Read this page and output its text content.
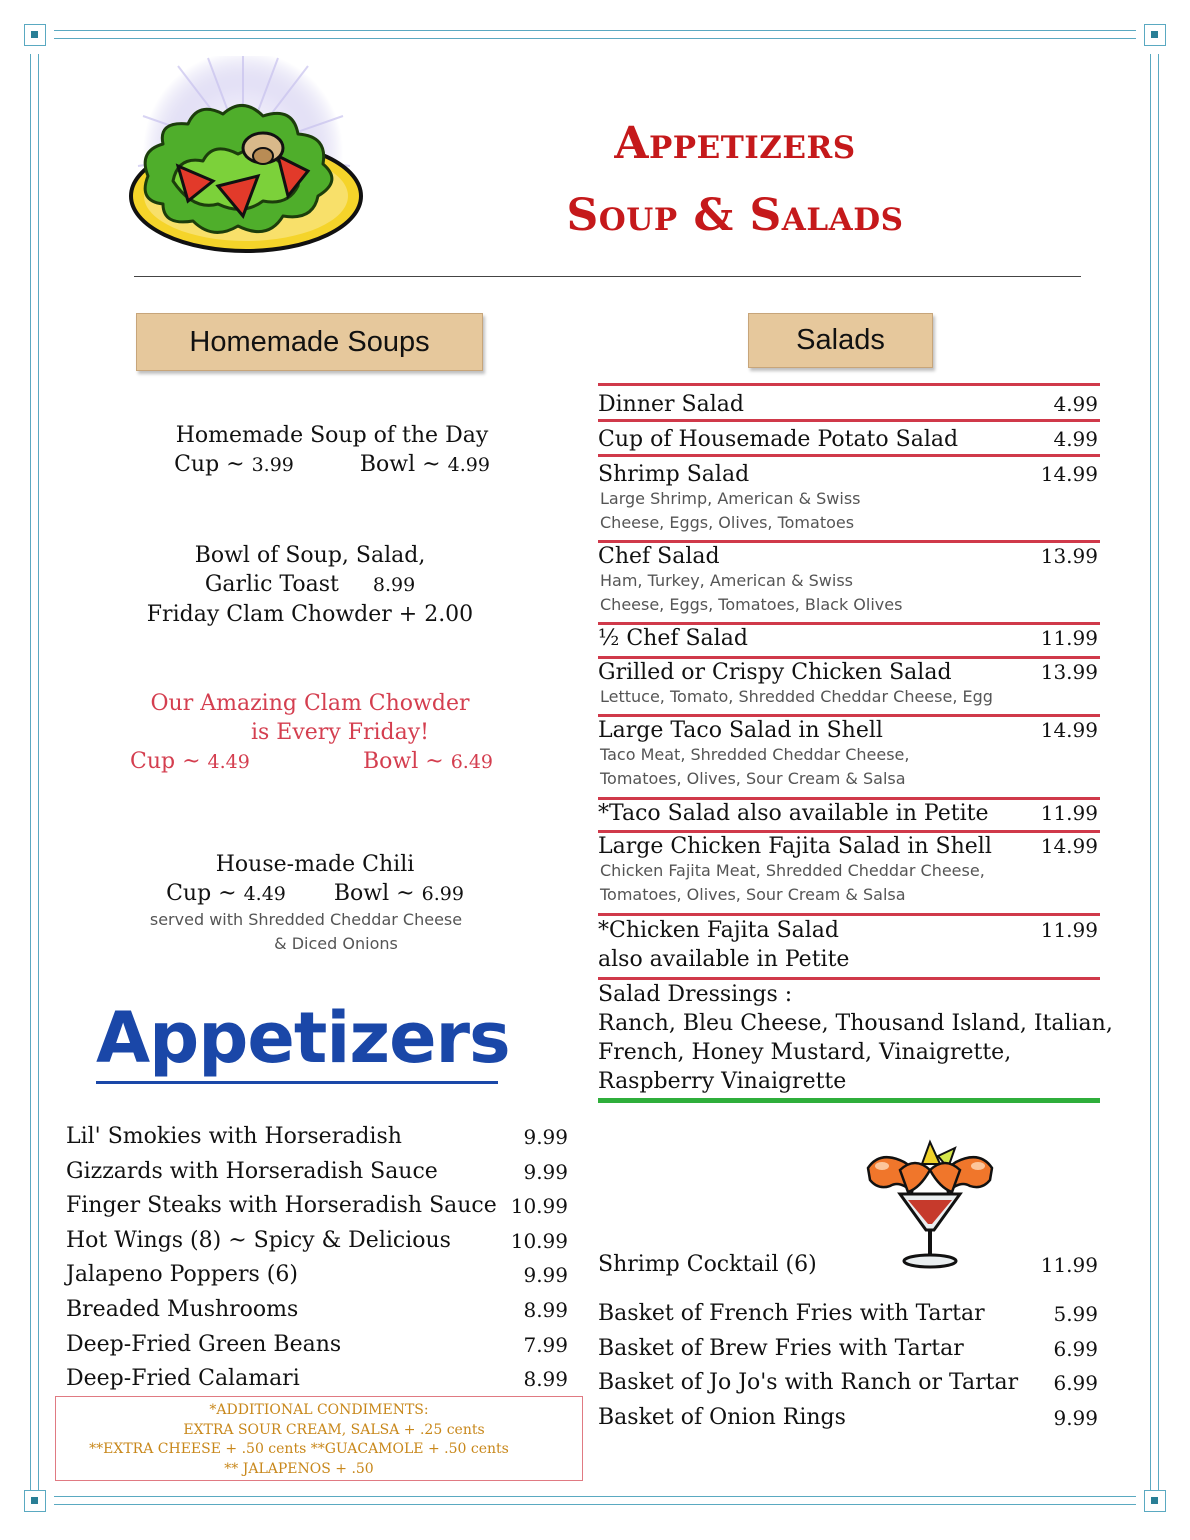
Appetizers
Soup & Salads
Homemade Soups	Salads
Homemade Soup of the Day
Cup ~ 3.99	Bowl ~ 4.99
Bowl of Soup, Salad,
Garlic Toast 8.99
Friday Clam Chowder + 2.00
Our Amazing Clam Chowder
is Every Friday!
Cup ~ 4.49	Bowl ~ 6.49
House-made Chili
Cup ~ 4.49 Bowl ~ 6.99
served with Shredded Cheddar Cheese
& Diced Onions
Appetizers
Lil' Smokies with Horseradish	9.99
Gizzards with Horseradish Sauce	9.99
Finger Steaks with Horseradish Sauce 10.99
Hot Wings (8) ~ Spicy & Delicious	10.99
Jalapeno Poppers (6)	9.99
Breaded Mushrooms	8.99
Deep-Fried Green Beans	7.99
Deep-Fried Calamari	8.99
*ADDITIONAL CONDIMENTS:
EXTRA SOUR CREAM, SALSA + .25 cents
**EXTRA CHEESE + .50 cents **GUACAMOLE + .50 cents
** JALAPENOS + .50
Dinner Salad	4.99
Cup of Housemade Potato Salad	4.99
Shrimp Salad	14.99
Large Shrimp, American & Swiss
Cheese, Eggs, Olives, Tomatoes
Chef Salad	13.99
Ham, Turkey, American & Swiss
Cheese, Eggs, Tomatoes, Black Olives
½ Chef Salad	11.99
Grilled or Crispy Chicken Salad	13.99
Lettuce, Tomato, Shredded Cheddar Cheese, Egg
Large Taco Salad in Shell	14.99
Taco Meat, Shredded Cheddar Cheese,
Tomatoes, Olives, Sour Cream & Salsa
*Taco Salad also available in Petite	11.99
Large Chicken Fajita Salad in Shell 14.99
Chicken Fajita Meat, Shredded Cheddar Cheese,
Tomatoes, Olives, Sour Cream & Salsa
*Chicken Fajita Salad	11.99
also available in Petite
Salad Dressings :
Ranch, Bleu Cheese, Thousand Island, Italian,
French, Honey Mustard, Vinaigrette,
Raspberry Vinaigrette
Shrimp Cocktail (6)	11.99
Basket of French Fries with Tartar	5.99
Basket of Brew Fries with Tartar	6.99
Basket of Jo Jo's with Ranch or Tartar 6.99
Basket of Onion Rings	9.99
